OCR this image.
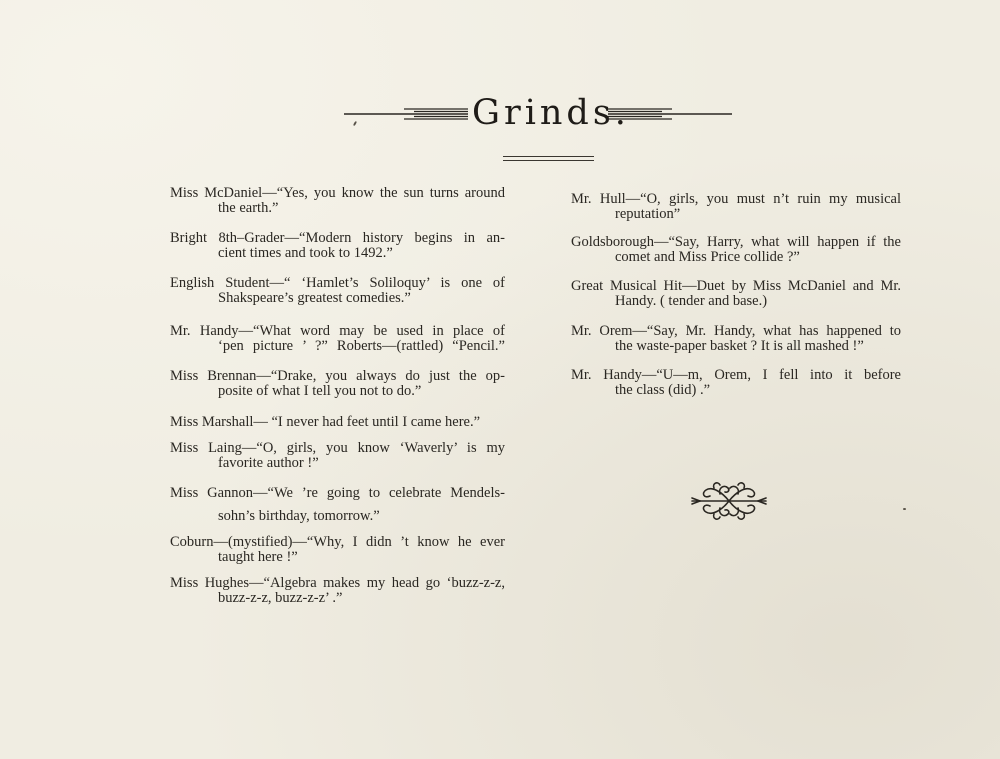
Grinds.
Miss McDaniel—“Yes, you know the sun turns around
the earth.”
Bright 8th–Grader—“Modern history begins in an-
cient times and took to 1492.”
English Student—“ ‘Hamlet’s Soliloquy’ is one of
Shakspeare’s greatest comedies.”
Mr. Handy—“What word may be used in place of
‘pen picture ’ ?” Roberts—(rattled) “Pencil.”
Miss Brennan—“Drake, you always do just the op-
posite of what I tell you not to do.”
Miss Marshall— “I never had feet until I came here.”
Miss Laing—“O, girls, you know ‘Waverly’ is my
favorite author !”
Miss Gannon—“We ’re going to celebrate Mendels-
sohn’s birthday, tomorrow.”
Coburn—(mystified)—“Why, I didn ’t know he ever
taught here !”
Miss Hughes—“Algebra makes my head go ‘buzz-z-z,
buzz-z-z, buzz-z-z’ .”
Mr. Hull—“O, girls, you must n’t ruin my musical
reputation”
Goldsborough—“Say, Harry, what will happen if the
comet and Miss Price collide ?”
Great Musical Hit—Duet by Miss McDaniel and Mr.
Handy. ( tender and base.)
Mr. Orem—“Say, Mr. Handy, what has happened to
the waste-paper basket ? It is all mashed !”
Mr. Handy—“U—m, Orem, I fell into it before
the class (did) .”
